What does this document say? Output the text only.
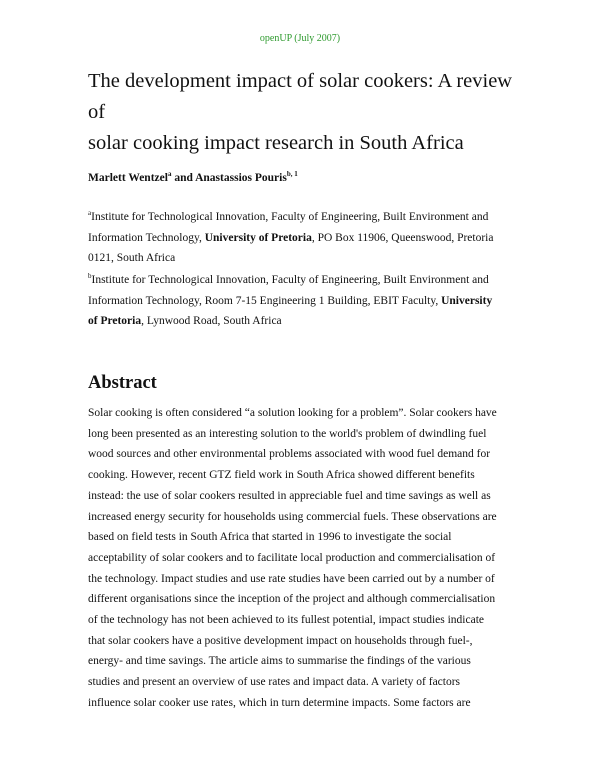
openUP (July 2007)
The development impact of solar cookers: A review of
solar cooking impact research in South Africa
Marlett Wentzel$^a$ and Anastassios Pouris$^{b, 1}$
$^a$Institute for Technological Innovation, Faculty of Engineering, Built Environment and
Information Technology, University of Pretoria, PO Box 11906, Queenswood, Pretoria
0121, South Africa
$^b$Institute for Technological Innovation, Faculty of Engineering, Built Environment and
Information Technology, Room 7-15 Engineering 1 Building, EBIT Faculty, University
of Pretoria, Lynwood Road, South Africa
Abstract
Solar cooking is often considered “a solution looking for a problem”. Solar cookers have
long been presented as an interesting solution to the world's problem of dwindling fuel
wood sources and other environmental problems associated with wood fuel demand for
cooking. However, recent GTZ field work in South Africa showed different benefits
instead: the use of solar cookers resulted in appreciable fuel and time savings as well as
increased energy security for households using commercial fuels. These observations are
based on field tests in South Africa that started in 1996 to investigate the social
acceptability of solar cookers and to facilitate local production and commercialisation of
the technology. Impact studies and use rate studies have been carried out by a number of
different organisations since the inception of the project and although commercialisation
of the technology has not been achieved to its fullest potential, impact studies indicate
that solar cookers have a positive development impact on households through fuel-,
energy- and time savings. The article aims to summarise the findings of the various
studies and present an overview of use rates and impact data. A variety of factors
influence solar cooker use rates, which in turn determine impacts. Some factors are
